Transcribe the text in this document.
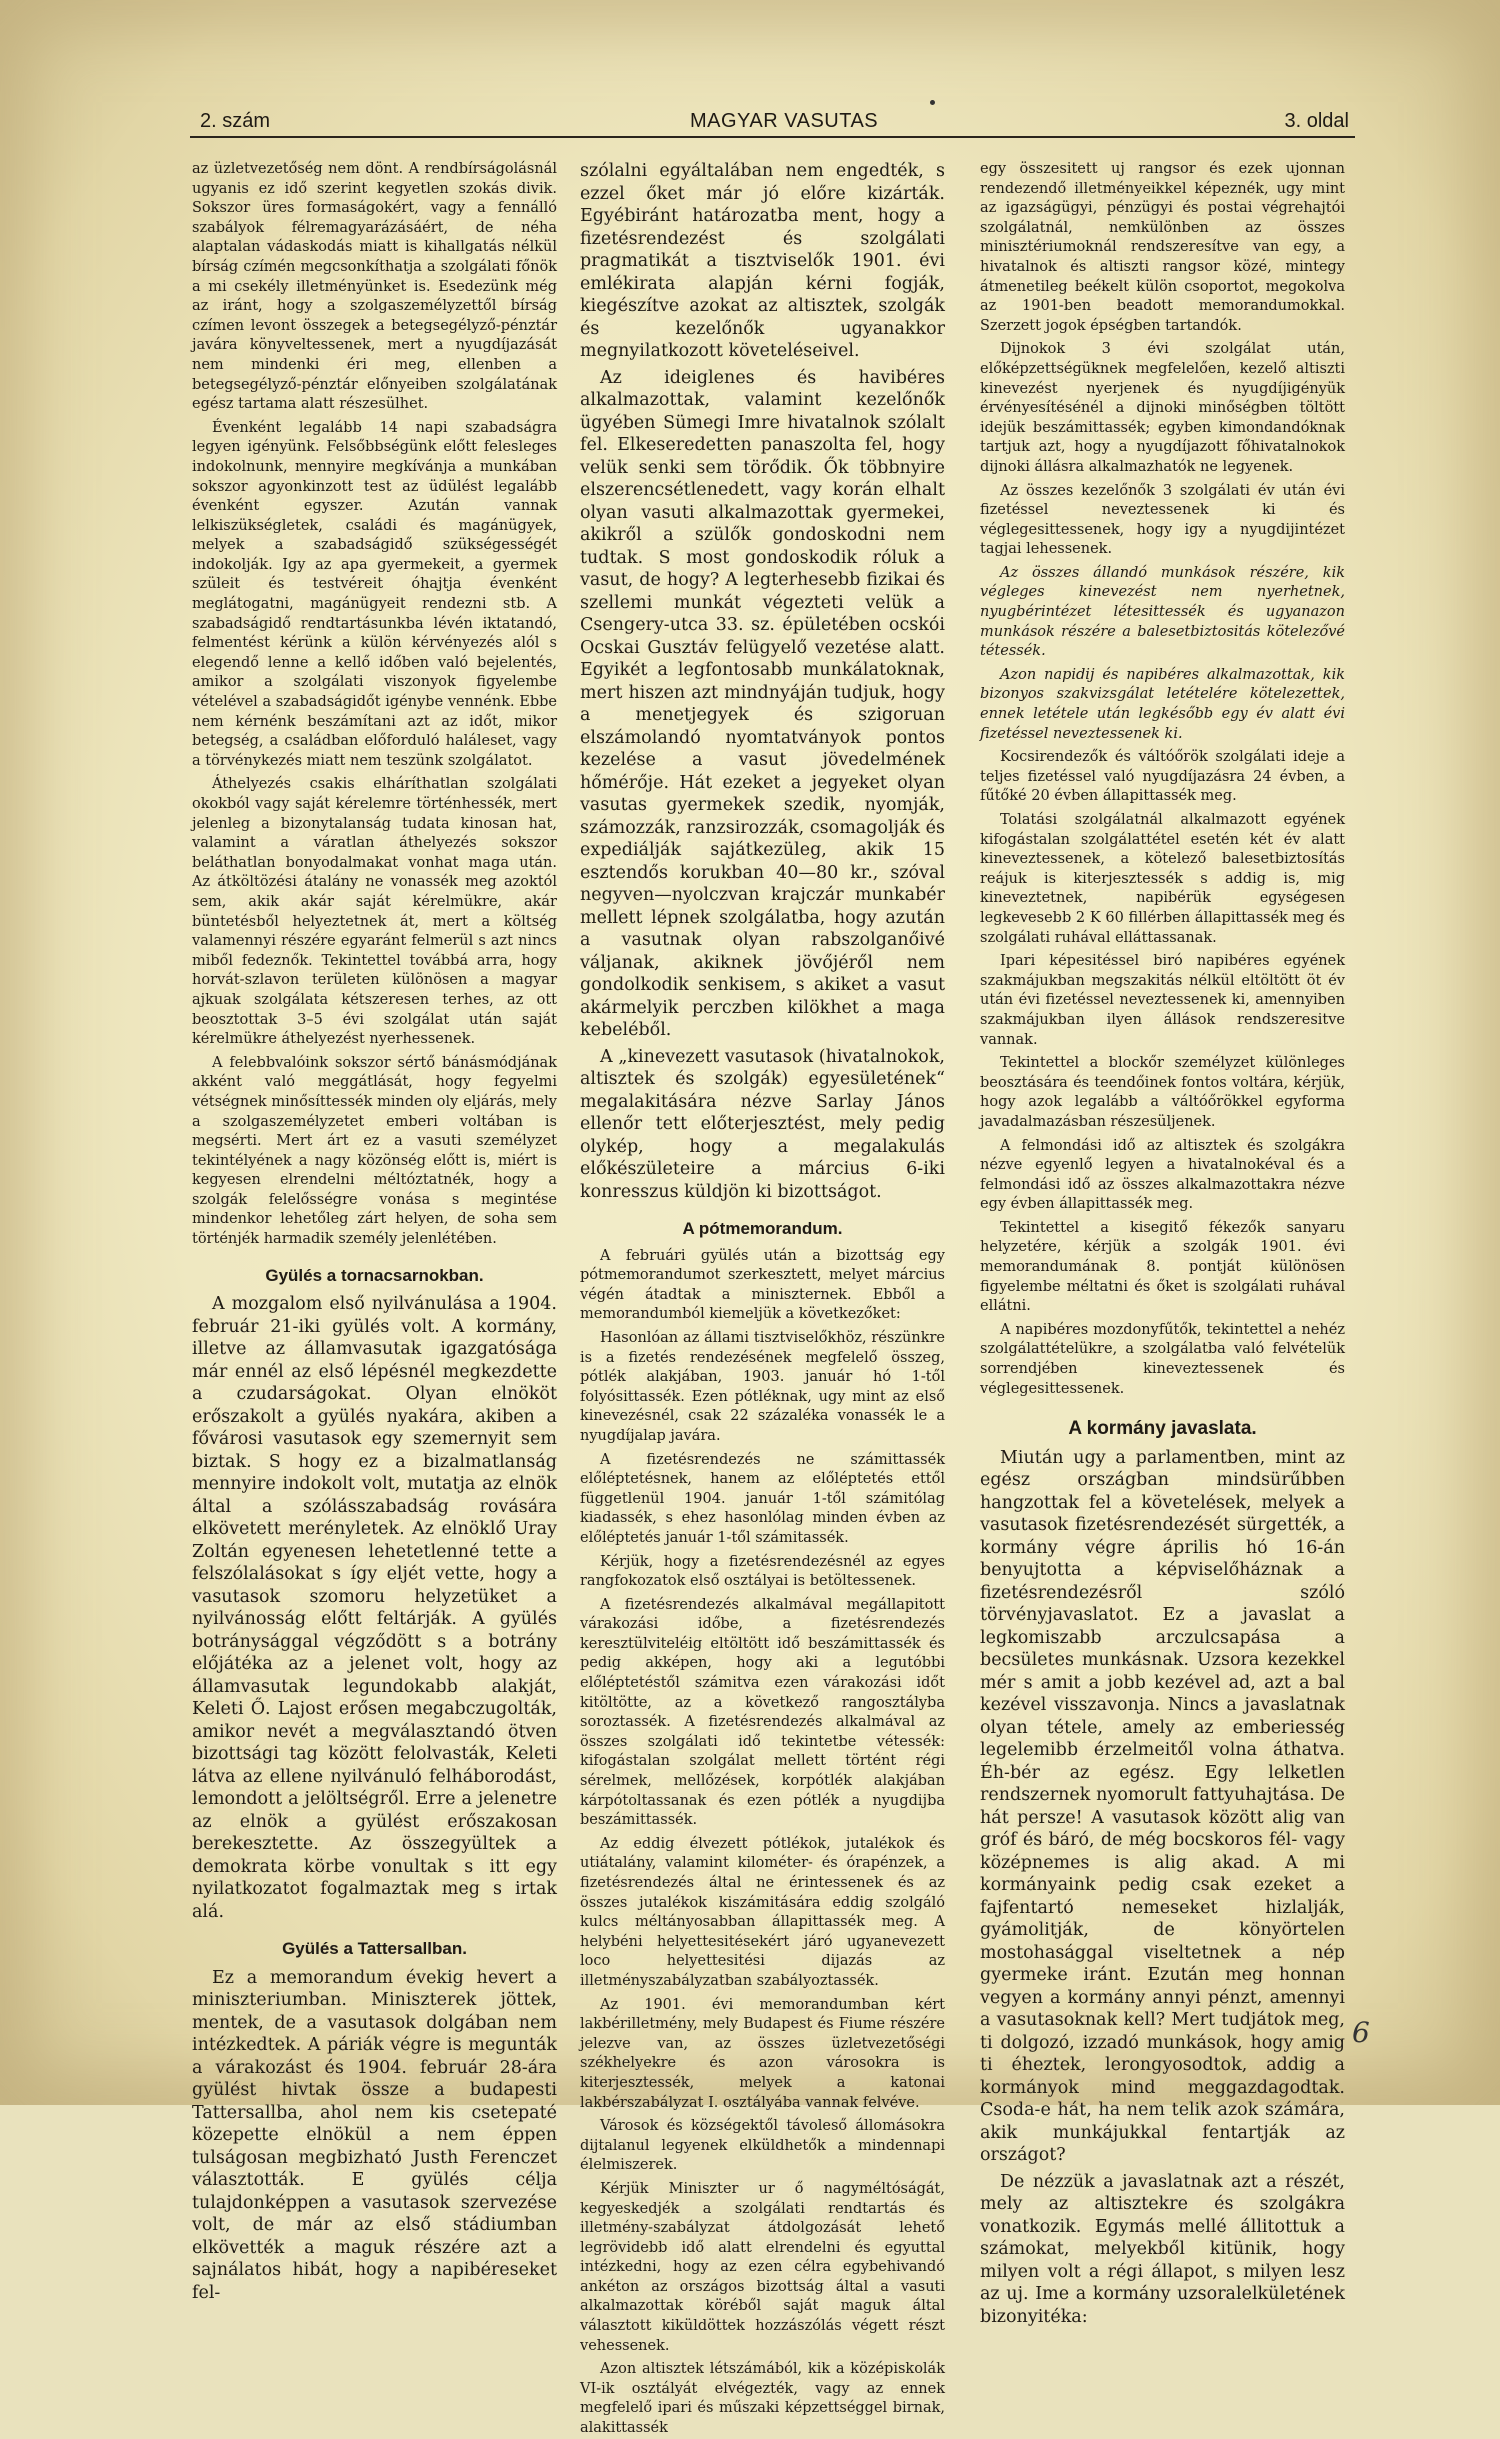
2. szám	MAGYAR VASUTAS	3. oldal

az üzletvezetőség nem dönt. A rendbírságolásnál ugyanis ez idő szerint kegyetlen szokás divik. Sokszor üres formaságokért, vagy a fennálló szabályok félremagyarázásáért, de néha alaptalan vádaskodás miatt is kihallgatás nélkül bírság czímén megcsonkíthatja a szolgálati főnök a mi csekély illetményünket is. Esedezünk még az iránt, hogy a szolgaszemélyzettől bírság czímen levont összegek a betegsegélyző-pénztár javára könyveltessenek, mert a nyugdíjazását nem mindenki éri meg, ellenben a betegsegélyző-pénztár előnyeiben szolgálatának egész tartama alatt részesülhet.

Évenként legalább 14 napi szabadságra legyen igényünk. Felsőbbségünk előtt felesleges indokolnunk, mennyire megkívánja a munkában sokszor agyonkinzott test az üdülést legalább évenként egyszer. Azután vannak lelkiszükségletek, családi és magánügyek, melyek a szabadságidő szükségességét indokolják. Igy az apa gyermekeit, a gyermek szüleit és testvéreit óhajtja évenként meglátogatni, magánügyeit rendezni stb. A szabadságidő rendtartásunkba lévén iktatandó, felmentést kérünk a külön kérvényezés alól s elegendő lenne a kellő időben való bejelentés, amikor a szolgálati viszonyok figyelembe vételével a szabadságidőt igénybe vennénk. Ebbe nem kérnénk beszámítani azt az időt, mikor betegség, a családban előforduló haláleset, vagy a törvénykezés miatt nem teszünk szolgálatot.

Áthelyezés csakis elháríthatlan szolgálati okokból vagy saját kérelemre történhessék, mert jelenleg a bizonytalanság tudata kinosan hat, valamint a váratlan áthelyezés sokszor beláthatlan bonyodalmakat vonhat maga után. Az átköltözési átalány ne vonassék meg azoktól sem, akik akár saját kérelmükre, akár büntetésből helyeztetnek át, mert a költség valamennyi részére egyaránt felmerül s azt nincs miből fedeznők. Tekintettel továbbá arra, hogy horvát-szlavon területen különösen a magyar ajkuak szolgálata kétszeresen terhes, az ott beosztottak 3–5 évi szolgálat után saját kérelmükre áthelyezést nyerhessenek.

A felebbvalóink sokszor sértő bánásmódjának akként való meggátlását, hogy fegyelmi vétségnek minősíttessék minden oly eljárás, mely a szolgaszemélyzetet emberi voltában is megsérti. Mert árt ez a vasuti személyzet tekintélyének a nagy közönség előtt is, miért is kegyesen elrendelni méltóztatnék, hogy a szolgák felelősségre vonása s megintése mindenkor lehetőleg zárt helyen, de soha sem történjék harmadik személy jelenlétében.

Gyülés a tornacsarnokban.

A mozgalom első nyilvánulása a 1904. február 21-iki gyülés volt. A kormány, illetve az államvasutak igazgatósága már ennél az első lépésnél megkezdette a czudarságokat. Olyan elnököt erőszakolt a gyülés nyakára, akiben a fővárosi vasutasok egy szemernyit sem biztak. S hogy ez a bizalmatlanság mennyire indokolt volt, mutatja az elnök által a szólásszabadság rovására elkövetett merényletek. Az elnöklő Uray Zoltán egyenesen lehetetlenné tette a felszólalásokat s így eljét vette, hogy a vasutasok szomoru helyzetüket a nyilvánosság előtt feltárják. A gyülés botránysággal végződött s a botrány előjátéka az a jelenet volt, hogy az államvasutak legundokabb alakját, Keleti Ő. Lajost erősen megabczugolták, amikor nevét a megválasztandó ötven bizottsági tag között felolvasták, Keleti látva az ellene nyilvánuló felháborodást, lemondott a jelöltségről. Erre a jelenetre az elnök a gyülést erőszakosan berekesztette. Az összegyültek a demokrata körbe vonultak s itt egy nyilatkozatot fogalmaztak meg s irtak alá.

Gyülés a Tattersallban.

Ez a memorandum évekig hevert a miniszteriumban. Miniszterek jöttek, mentek, de a vasutasok dolgában nem intézkedtek. A páriák végre is megunták a várakozást és 1904. február 28-ára gyülést hivtak össze a budapesti Tattersallba, ahol nem kis csetepaté közepette elnökül a nem éppen tulságosan megbizható Justh Ferenczet választották. E gyülés célja tulajdonképpen a vasutasok szervezése volt, de már az első stádiumban elkövették a maguk részére azt a sajnálatos hibát, hogy a napibéreseket fel-

szólalni egyáltalában nem engedték, s ezzel őket már jó előre kizárták. Egyébiránt határozatba ment, hogy a fizetésrendezést és szolgálati pragmatikát a tisztviselők 1901. évi emlékirata alapján kérni fogják, kiegészítve azokat az altisztek, szolgák és kezelőnők ugyanakkor megnyilatkozott követeléseivel.

Az ideiglenes és havibéres alkalmazottak, valamint kezelőnők ügyében Sümegi Imre hivatalnok szólalt fel. Elkeseredetten panaszolta fel, hogy velük senki sem törődik. Ők többnyire elszerencsétlenedett, vagy korán elhalt olyan vasuti alkalmazottak gyermekei, akikről a szülők gondoskodni nem tudtak. S most gondoskodik róluk a vasut, de hogy? A legterhesebb fizikai és szellemi munkát végezteti velük a Csengery-utca 33. sz. épületében ocskói Ocskai Gusztáv felügyelő vezetése alatt. Egyikét a legfontosabb munkálatoknak, mert hiszen azt mindnyáján tudjuk, hogy a menetjegyek és szigoruan elszámolandó nyomtatványok pontos kezelése a vasut jövedelmének hőmérője. Hát ezeket a jegyeket olyan vasutas gyermekek szedik, nyomják, számozzák, ranzsirozzák, csomagolják és expediálják sajátkezüleg, akik 15 esztendős korukban 40—80 kr., szóval negyven—nyolczvan krajczár munkabér mellett lépnek szolgálatba, hogy azután a vasutnak olyan rabszolganőivé váljanak, akiknek jövőjéről nem gondolkodik senkisem, s akiket a vasut akármelyik perczben kilökhet a maga kebeléből.

A „kinevezett vasutasok (hivatalnokok, altisztek és szolgák) egyesületének“ megalakitására nézve Sarlay János ellenőr tett előterjesztést, mely pedig olykép, hogy a megalakulás előkészületeire a március 6-iki konresszus küldjön ki bizottságot.

A pótmemorandum.

A februári gyülés után a bizottság egy pótmemorandumot szerkesztett, melyet március végén átadtak a miniszternek. Ebből a memorandumból kiemeljük a következőket:

Hasonlóan az állami tisztviselőkhöz, részünkre is a fizetés rendezésének megfelelő összeg, pótlék alakjában, 1903. január hó 1-től folyósittassék. Ezen pótléknak, ugy mint az első kinevezésnél, csak 22 százaléka vonassék le a nyugdíjalap javára.

A fizetésrendezés ne számittassék előléptetésnek, hanem az előléptetés ettől függetlenül 1904. január 1-től számitólag kiadassék, s ehez hasonlólag minden évben az előléptetés január 1-től számitassék.

Kérjük, hogy a fizetésrendezésnél az egyes rangfokozatok első osztályai is betöltessenek.

A fizetésrendezés alkalmával megállapitott várakozási időbe, a fizetésrendezés keresztülviteléig eltöltött idő beszámittassék és pedig akképen, hogy aki a legutóbbi előléptetéstől számitva ezen várakozási időt kitöltötte, az a következő rangosztályba soroztassék. A fizetésrendezés alkalmával az összes szolgálati idő tekintetbe vétessék: kifogástalan szolgálat mellett történt régi sérelmek, mellőzések, korpótlék alakjában kárpótoltassanak és ezen pótlék a nyugdijba beszámittassék.

Az eddig élvezett pótlékok, jutalékok és utiátalány, valamint kilométer- és órapénzek, a fizetésrendezés által ne érintessenek és az összes jutalékok kiszámitására eddig szolgáló kulcs méltányosabban állapittassék meg. A helybéni helyettesitésekért járó ugyanevezett loco helyettesitési dijazás az illetményszabályzatban szabályoztassék.

Az 1901. évi memorandumban kért lakbérilletmény, mely Budapest és Fiume részére jelezve van, az összes üzletvezetőségi székhelyekre és azon városokra is kiterjesztessék, melyek a katonai lakbérszabályzat I. osztályába vannak felvéve.

Városok és községektől távoleső állomásokra dijtalanul legyenek elküldhetők a mindennapi élelmiszerek.

Kérjük Miniszter ur ő nagyméltóságát, kegyeskedjék a szolgálati rendtartás és illetmény-szabályzat átdolgozását lehető legrövidebb idő alatt elrendelni és egyuttal intézkedni, hogy az ezen célra egybehivandó ankéton az országos bizottság által a vasuti alkalmazottak köréből saját maguk által választott kiküldöttek hozzászólás végett részt vehessenek.

Azon altisztek létszámából, kik a középiskolák VI-ik osztályát elvégezték, vagy az ennek megfelelő ipari és műszaki képzettséggel birnak, alakittassék

egy összesitett uj rangsor és ezek ujonnan rendezendő illetményeikkel képeznék, ugy mint az igazságügyi, pénzügyi és postai végrehajtói szolgálatnál, nemkülönben az összes minisztériumoknál rendszeresítve van egy, a hivatalnok és altiszti rangsor közé, mintegy átmenetileg beékelt külön csoportot, megokolva az 1901-ben beadott memorandumokkal. Szerzett jogok épségben tartandók.

Dijnokok 3 évi szolgálat után, előképzettségüknek megfelelően, kezelő altiszti kinevezést nyerjenek és nyugdíjigényük érvényesítésénél a dijnoki minőségben töltött idejük beszámittassék; egyben kimondandóknak tartjuk azt, hogy a nyugdíjazott főhivatalnokok dijnoki állásra alkalmazhatók ne legyenek.

Az összes kezelőnők 3 szolgálati év után évi fizetéssel neveztessenek ki és véglegesittessenek, hogy igy a nyugdijintézet tagjai lehessenek.

Az összes állandó munkások részére, kik végleges kinevezést nem nyerhetnek, nyugbérintézet létesittessék és ugyanazon munkások részére a balesetbiztositás kötelezővé tétessék.

Azon napidij és napibéres alkalmazottak, kik bizonyos szakvizsgálat letételére kötelezettek, ennek letétele után legkésőbb egy év alatt évi fizetéssel neveztessenek ki.

Kocsirendezők és váltóőrök szolgálati ideje a teljes fizetéssel való nyugdíjazásra 24 évben, a fűtőké 20 évben állapittassék meg.

Tolatási szolgálatnál alkalmazott egyének kifogástalan szolgálattétel esetén két év alatt kineveztessenek, a kötelező balesetbiztosítás reájuk is kiterjesztessék s addig is, mig kineveztetnek, napibérük egységesen legkevesebb 2 K 60 fillérben állapittassék meg és szolgálati ruhával elláttassanak.

Ipari képesitéssel biró napibéres egyének szakmájukban megszakitás nélkül eltöltött öt év után évi fizetéssel neveztessenek ki, amennyiben szakmájukban ilyen állások rendszeresitve vannak.

Tekintettel a blockőr személyzet különleges beosztására és teendőinek fontos voltára, kérjük, hogy azok legalább a váltóőrökkel egyforma javadalmazásban részesüljenek.

A felmondási idő az altisztek és szolgákra nézve egyenlő legyen a hivatalnokéval és a felmondási idő az összes alkalmazottakra nézve egy évben állapittassék meg.

Tekintettel a kisegitő fékezők sanyaru helyzetére, kérjük a szolgák 1901. évi memorandumának 8. pontját különösen figyelembe méltatni és őket is szolgálati ruhával ellátni.

A napibéres mozdonyfűtők, tekintettel a nehéz szolgálattételükre, a szolgálatba való felvételük sorrendjében kineveztessenek és véglegesittessenek.

A kormány javaslata.

Miután ugy a parlamentben, mint az egész országban mindsürűbben hangzottak fel a követelések, melyek a vasutasok fizetésrendezését sürgették, a kormány végre április hó 16-án benyujtotta a képviselőháznak a fizetésrendezésről szóló törvényjavaslatot. Ez a javaslat a legkomiszabb arczulcsapása a becsületes munkásnak. Uzsora kezekkel mér s amit a jobb kezével ad, azt a bal kezével visszavonja. Nincs a javaslatnak olyan tétele, amely az emberiesség legelemibb érzelmeitől volna áthatva. Éh-bér az egész. Egy lelketlen rendszernek nyomorult fattyuhajtása. De hát persze! A vasutasok között alig van gróf és báró, de még bocskoros fél- vagy középnemes is alig akad. A mi kormányaink pedig csak ezeket a fajfentartó nemeseket hizlalják, gyámolitják, de könyörtelen mostohasággal viseltetnek a nép gyermeke iránt. Ezután meg honnan vegyen a kormány annyi pénzt, amennyi a vasutasoknak kell? Mert tudjátok meg, ti dolgozó, izzadó munkások, hogy amig ti éheztek, lerongyosodtok, addig a kormányok mind meggazdagodtak. Csoda-e hát, ha nem telik azok számára, akik munkájukkal fentartják az országot?

De nézzük a javaslatnak azt a részét, mely az altisztekre és szolgákra vonatkozik. Egymás mellé állitottuk a számokat, melyekből kitünik, hogy milyen volt a régi állapot, s milyen lesz az uj. Ime a kormány uzsoralelkületének bizonyitéka:

6
